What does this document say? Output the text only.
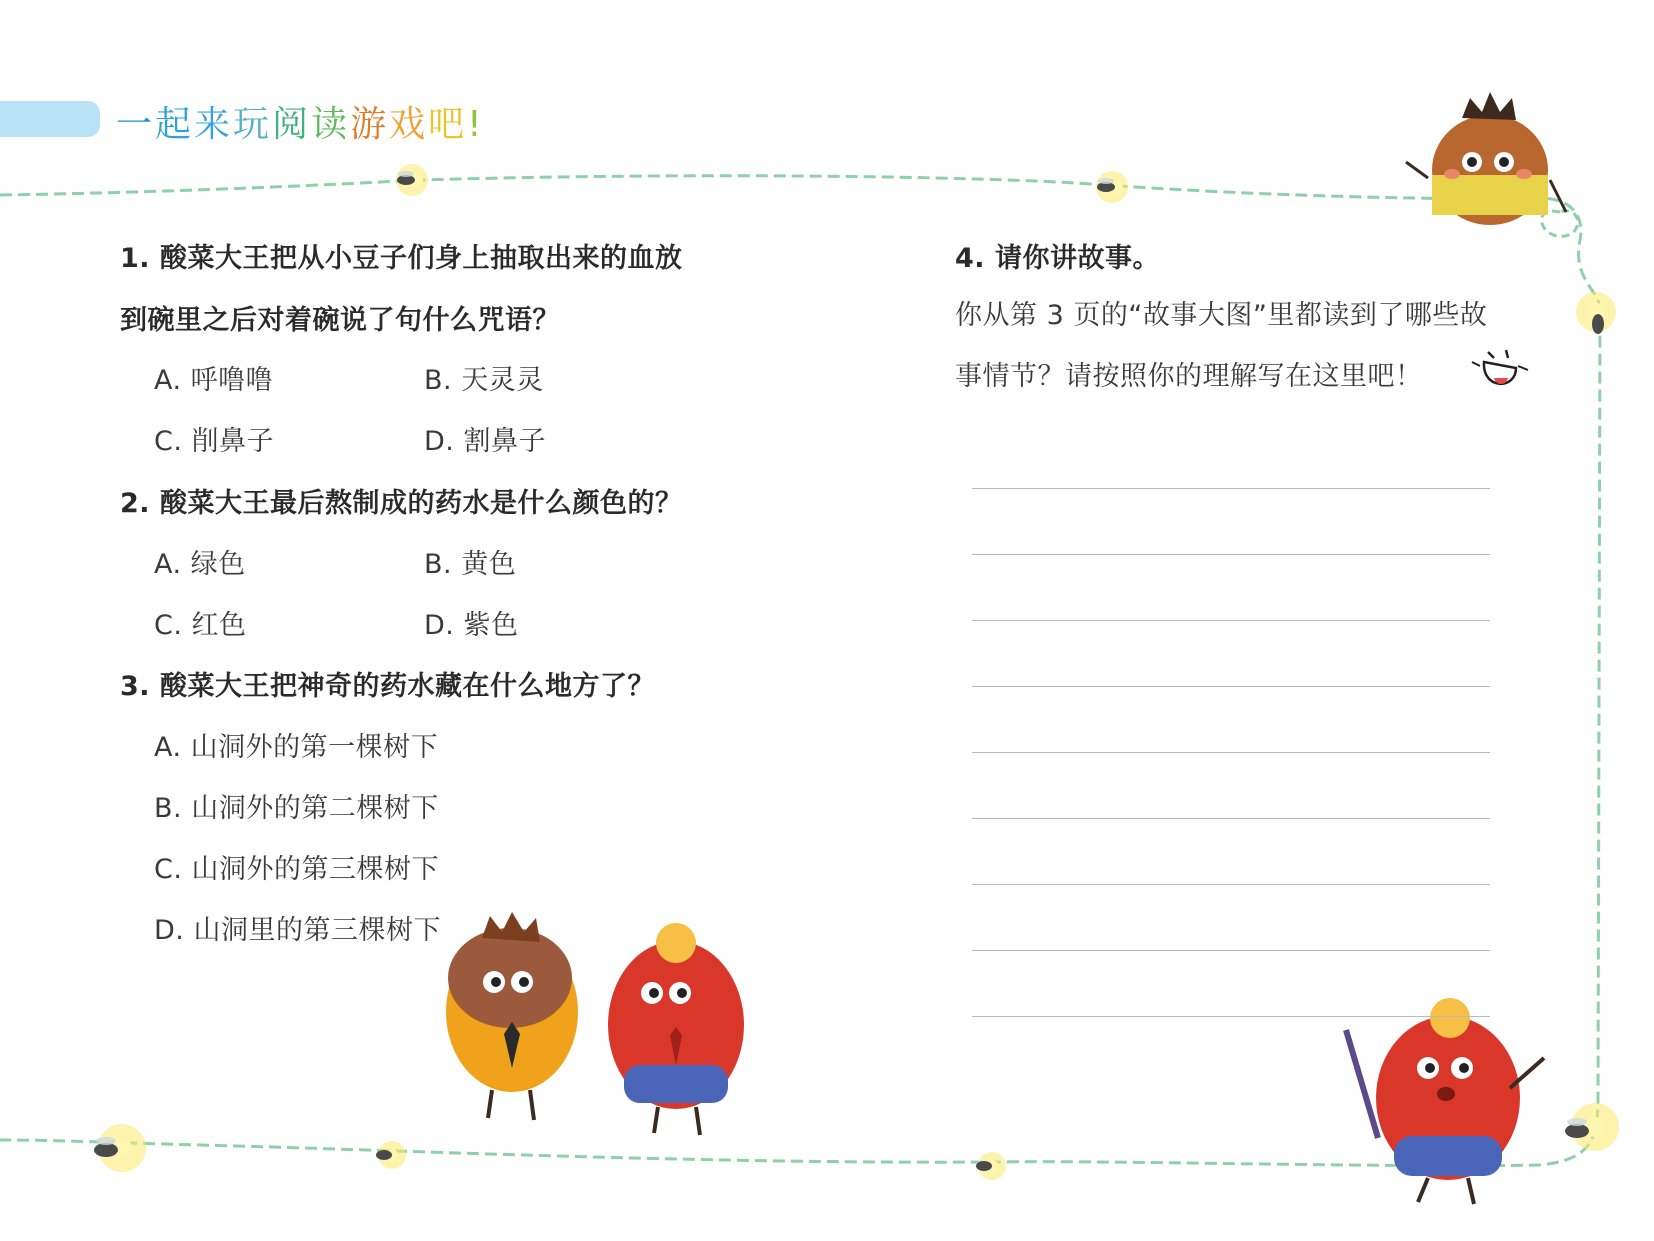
一起来玩阅读游戏吧!
1. 酸菜大王把从小豆子们身上抽取出来的血放
到碗里之后对着碗说了句什么咒语？
A. 呼噜噜	B. 天灵灵
C. 削鼻子	D. 割鼻子
2. 酸菜大王最后熬制成的药水是什么颜色的？
A. 绿色	B. 黄色
C. 红色	D. 紫色
3. 酸菜大王把神奇的药水藏在什么地方了？
A. 山洞外的第一棵树下
B. 山洞外的第二棵树下
C. 山洞外的第三棵树下
D. 山洞里的第三棵树下
4. 请你讲故事。
你从第 3 页的“故事大图”里都读到了哪些故
事情节？请按照你的理解写在这里吧！
